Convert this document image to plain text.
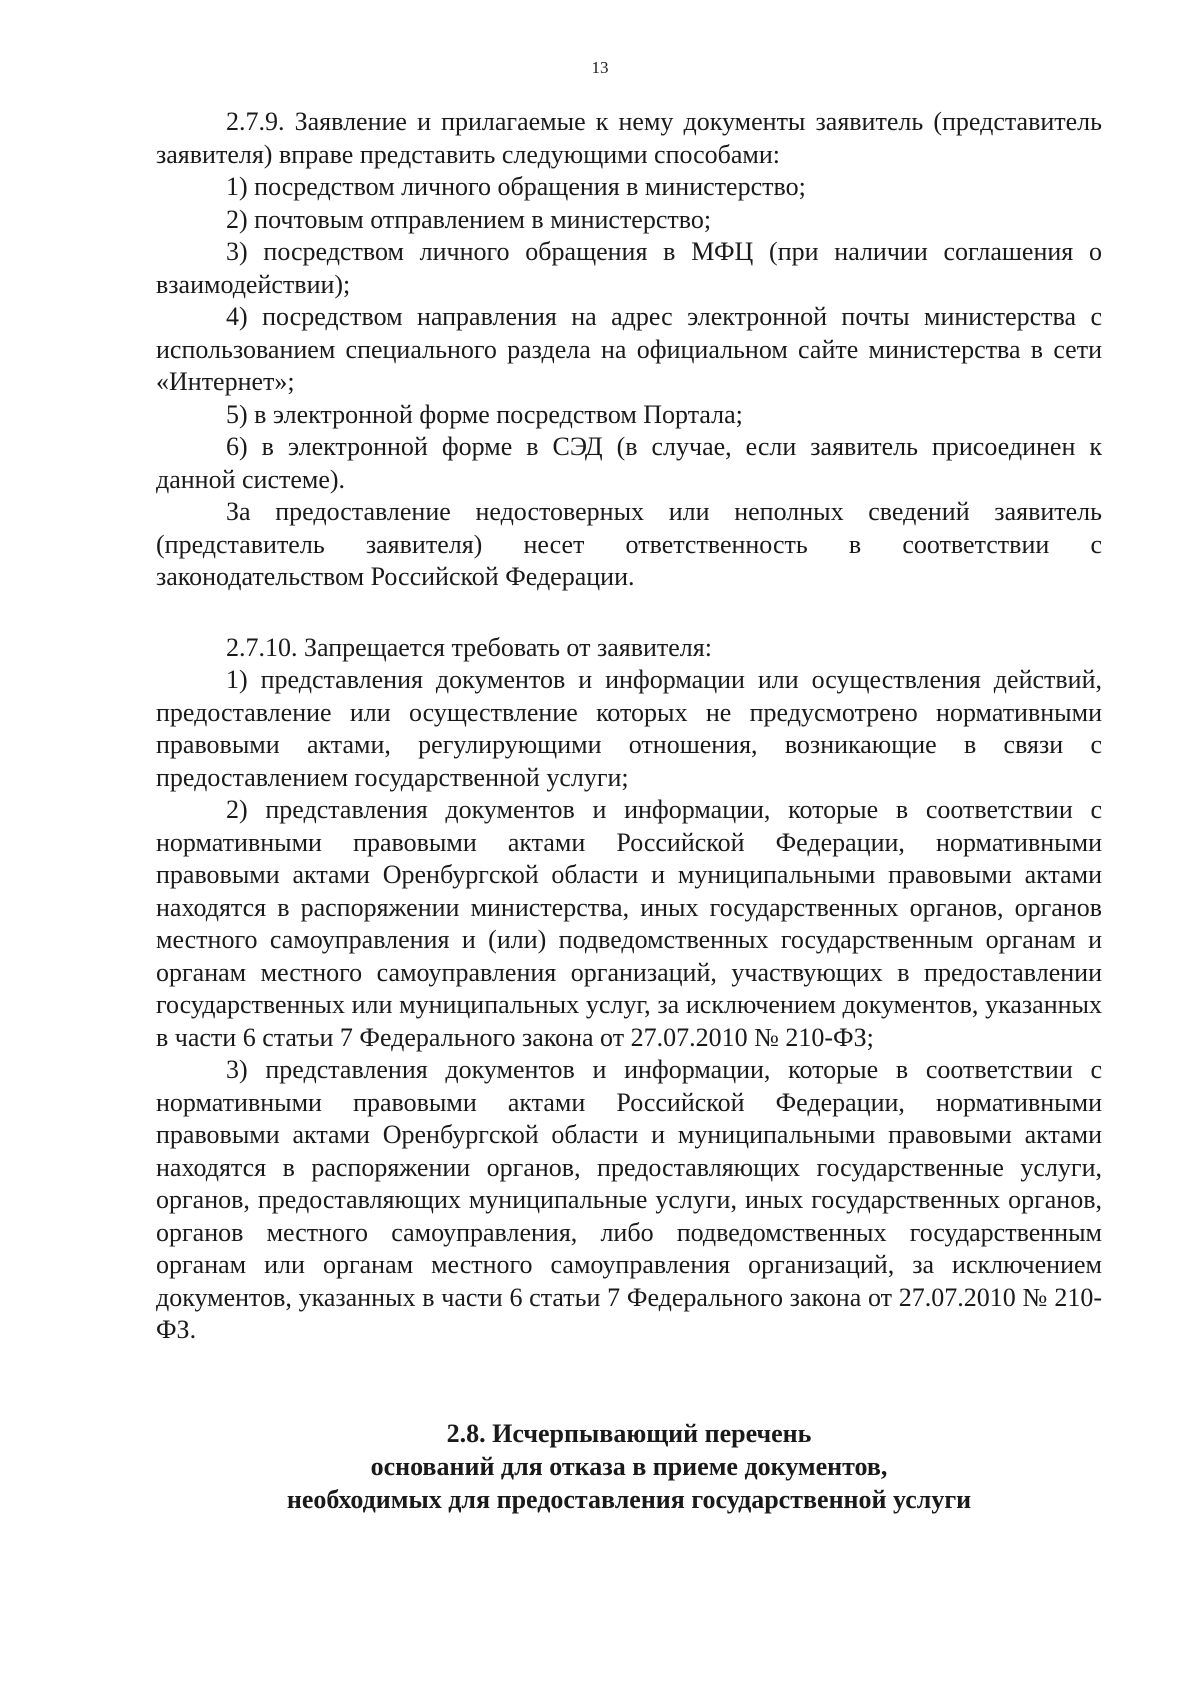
13

2.7.9. Заявление и прилагаемые к нему документы заявитель (представитель заявителя) вправе представить следующими способами:

1) посредством личного обращения в министерство;

2) почтовым отправлением в министерство;

3) посредством личного обращения в МФЦ (при наличии соглашения о взаимодействии);

4) посредством направления на адрес электронной почты министерства с использованием специального раздела на официальном сайте министерства в сети «Интернет»;

5) в электронной форме посредством Портала;

6) в электронной форме в СЭД (в случае, если заявитель присоединен к данной системе).

За предоставление недостоверных или неполных сведений заявитель (представитель заявителя) несет ответственность в соответствии с законодательством Российской Федерации.

2.7.10. Запрещается требовать от заявителя:

1) представления документов и информации или осуществления действий, предоставление или осуществление которых не предусмотрено нормативными правовыми актами, регулирующими отношения, возникающие в связи с предоставлением государственной услуги;

2) представления документов и информации, которые в соответствии с нормативными правовыми актами Российской Федерации, нормативными правовыми актами Оренбургской области и муниципальными правовыми актами находятся в распоряжении министерства, иных государственных органов, органов местного самоуправления и (или) подведомственных государственным органам и органам местного самоуправления организаций, участвующих в предоставлении государственных или муниципальных услуг, за исключением документов, указанных в части 6 статьи 7 Федерального закона от 27.07.2010 № 210-ФЗ;

3) представления документов и информации, которые в соответствии с нормативными правовыми актами Российской Федерации, нормативными правовыми актами Оренбургской области и муниципальными правовыми актами находятся в распоряжении органов, предоставляющих государственные услуги, органов, предоставляющих муниципальные услуги, иных государственных органов, органов местного самоуправления, либо подведомственных государственным органам или органам местного самоуправления организаций, за исключением документов, указанных в части 6 статьи 7 Федерального закона от 27.07.2010 № 210-ФЗ.

2.8. Исчерпывающий перечень
оснований для отказа в приеме документов,
необходимых для предоставления государственной услуги
